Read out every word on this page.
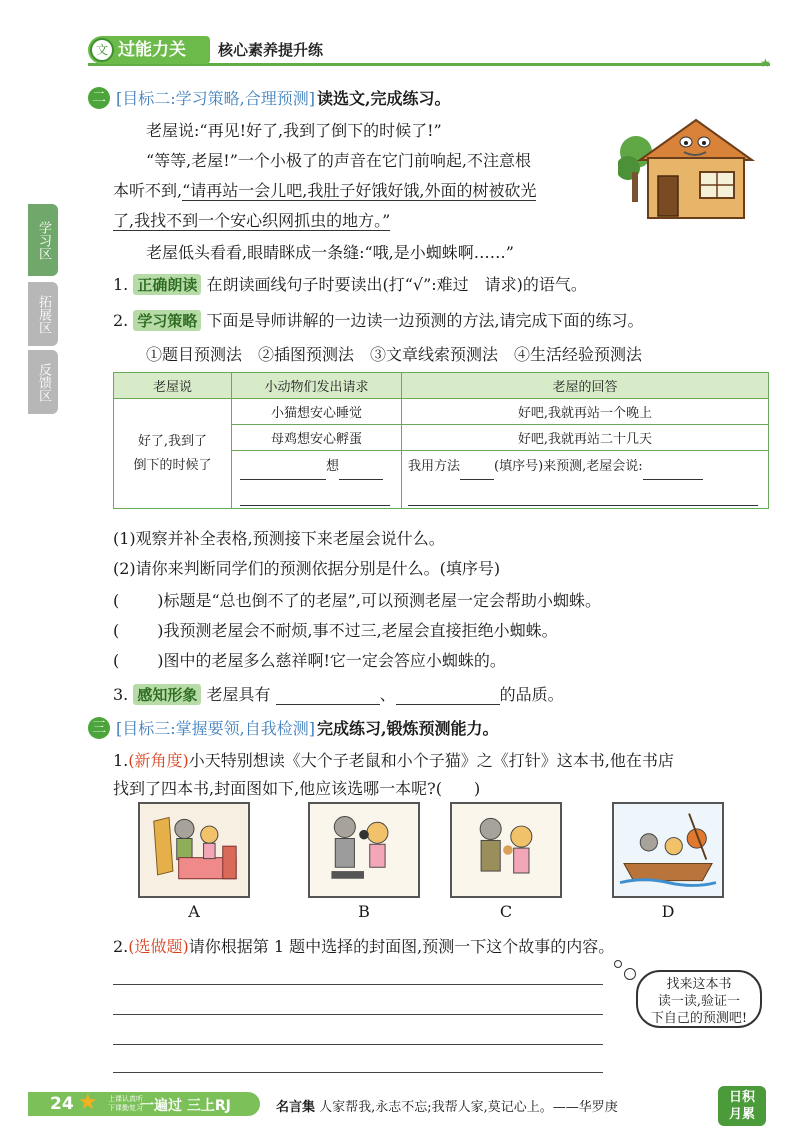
过能力关
文	核心素养提升练
★
学习区
拓展区
反馈区
二 [目标二:学习策略,合理预测] 读选文,完成练习。
老屋说:“再见!好了,我到了倒下的时候了!”
“等等,老屋!”一个小极了的声音在它门前响起,不注意根
本听不到,“请再站一会儿吧,我肚子好饿好饿,外面的树被砍光
了,我找不到一个安心织网抓虫的地方。”
老屋低头看看,眼睛眯成一条缝:“哦,是小蜘蛛啊……”
1. 正确朗读 在朗读画线句子时要读出(打“√”:难过　请求)的语气。
2. 学习策略 下面是导师讲解的一边读一边预测的方法,请完成下面的练习。
①题目预测法　②插图预测法　③文章线索预测法　④生活经验预测法
老屋说	小动物们发出请求	老屋的回答

好了,我到了
倒下的时候了	小猫想安心睡觉	好吧,我就再站一个晚上
	母鸡想安心孵蛋	好吧,我就再站二十几天

	想	我用方法 (填序号)来预测,老屋会说:
(1)观察并补全表格,预测接下来老屋会说什么。
(2)请你来判断同学们的预测依据分别是什么。(填序号)
( )标题是“总也倒不了的老屋”,可以预测老屋一定会帮助小蜘蛛。
( )我预测老屋会不耐烦,事不过三,老屋会直接拒绝小蜘蛛。
( )图中的老屋多么慈祥啊!它一定会答应小蜘蛛的。
3. 感知形象 老屋具有	、	的品质。
三 [目标三:掌握要领,自我检测] 完成练习,锻炼预测能力。
1.(新角度)小天特别想读《大个子老鼠和小个子猫》之《打针》这本书,他在书店
找到了四本书,封面图如下,他应该选哪一本呢?(　　)
A	B	C	D
2.(选做题)请你根据第 1 题中选择的封面图,预测一下这个故事的内容。
找来这本书
读一读,验证一
下自己的预测吧!
24 ★ 上课认真听
下课勤复习
一遍过 三上RJ	名言集 人家帮我,永志不忘;我帮人家,莫记心上。——华罗庚
日积
月累
